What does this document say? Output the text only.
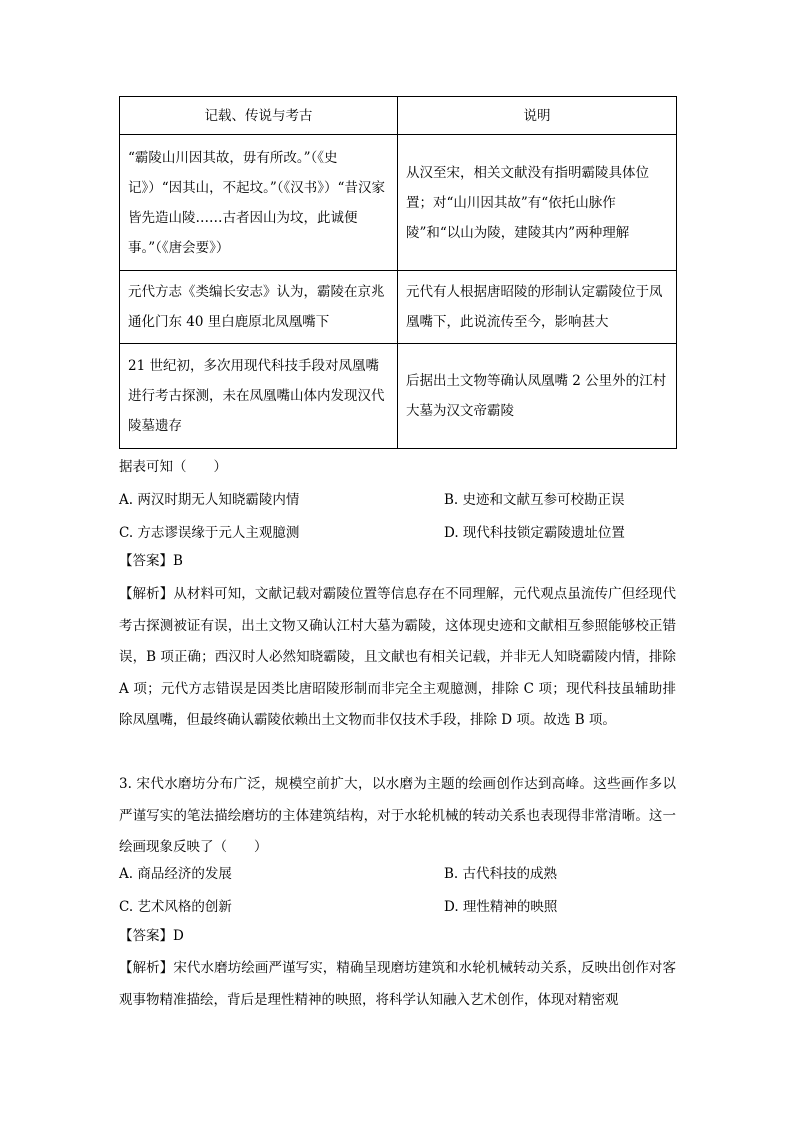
记载、传说与考古	说明
“霸陵山川因其故，毋有所改。”（《史记》）“因其山，不起坟。”（《汉书》）“昔汉家皆先造山陵……古者因山为坟，此诚便事。”（《唐会要》）	从汉至宋，相关文献没有指明霸陵具体位置；对“山川因其故”有“依托山脉作陵”和“以山为陵，建陵其内”两种理解
元代方志《类编长安志》认为，霸陵在京兆通化门东 40 里白鹿原北凤凰嘴下	元代有人根据唐昭陵的形制认定霸陵位于凤凰嘴下，此说流传至今，影响甚大
21 世纪初，多次用现代科技手段对凤凰嘴进行考古探测，未在凤凰嘴山体内发现汉代陵墓遗存	后据出土文物等确认凤凰嘴 2 公里外的江村大墓为汉文帝霸陵
据表可知（　　）
A. 两汉时期无人知晓霸陵内情	B. 史迹和文献互参可校勘正误
C. 方志谬误缘于元人主观臆测	D. 现代科技锁定霸陵遗址位置
【答案】B
【解析】从材料可知，文献记载对霸陵位置等信息存在不同理解，元代观点虽流传广但经现代考古探测被证有误，出土文物又确认江村大墓为霸陵，这体现史迹和文献相互参照能够校正错误，B 项正确；西汉时人必然知晓霸陵，且文献也有相关记载，并非无人知晓霸陵内情，排除 A 项；元代方志错误是因类比唐昭陵形制而非完全主观臆测，排除 C 项；现代科技虽辅助排除凤凰嘴，但最终确认霸陵依赖出土文物而非仅技术手段，排除 D 项。故选 B 项。
3. 宋代水磨坊分布广泛，规模空前扩大，以水磨为主题的绘画创作达到高峰。这些画作多以严谨写实的笔法描绘磨坊的主体建筑结构，对于水轮机械的转动关系也表现得非常清晰。这一绘画现象反映了（　　）
A. 商品经济的发展	B. 古代科技的成熟
C. 艺术风格的创新	D. 理性精神的映照
【答案】D
【解析】宋代水磨坊绘画严谨写实，精确呈现磨坊建筑和水轮机械转动关系，反映出创作对客观事物精准描绘，背后是理性精神的映照，将科学认知融入艺术创作，体现对精密观
